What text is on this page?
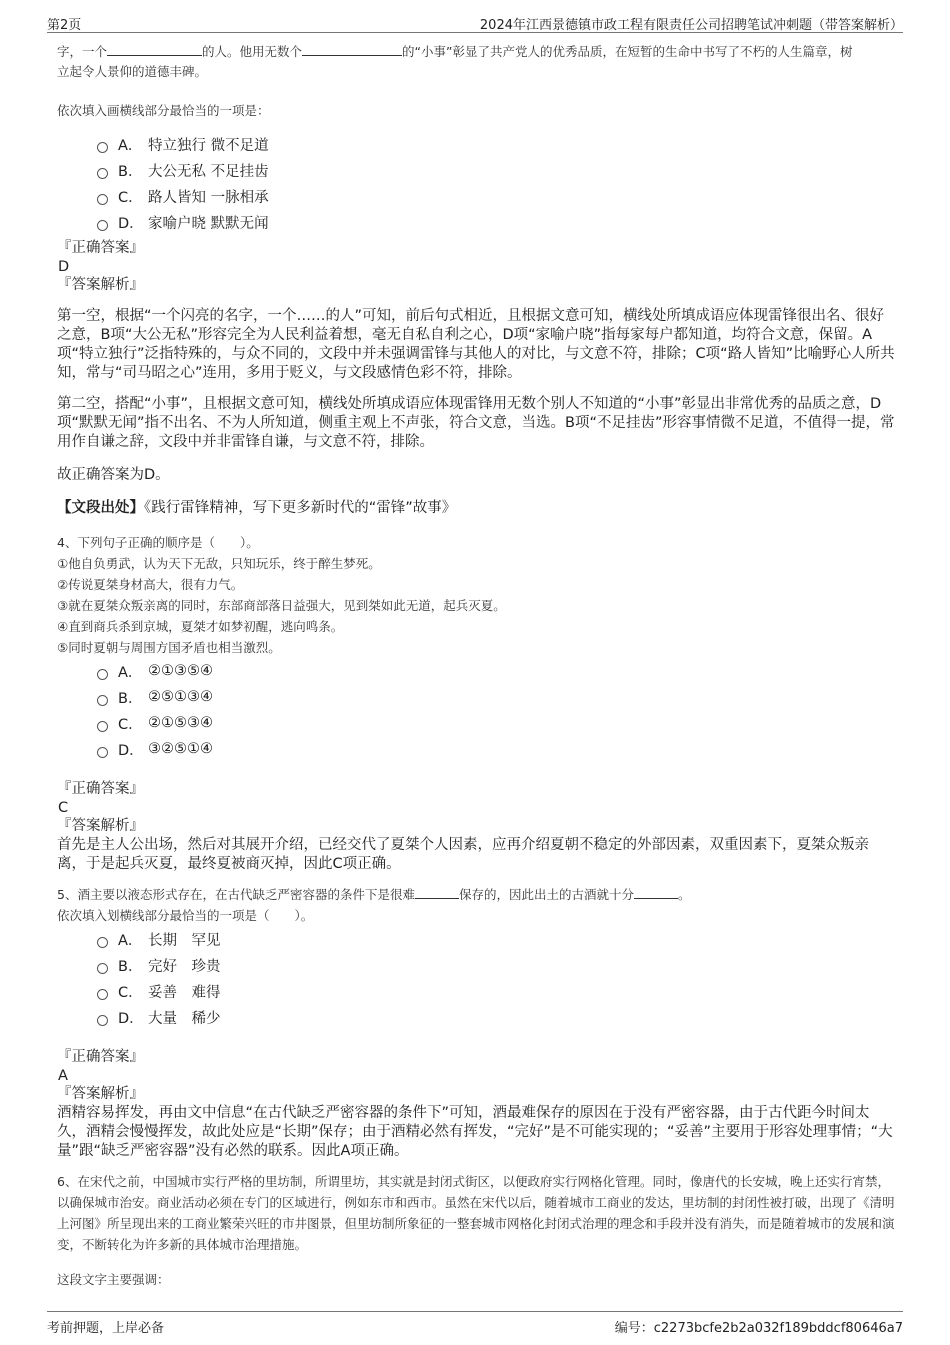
第2页	2024年江西景德镇市政工程有限责任公司招聘笔试冲刺题（带答案解析）
字，一个	的人。他用无数个	的“小事”彰显了共产党人的优秀品质，在短暂的生命中书写了不朽的人生篇章，树
立起令人景仰的道德丰碑。
依次填入画横线部分最恰当的一项是：
A． 特立独行 微不足道
B． 大公无私 不足挂齿
C． 路人皆知 一脉相承
D． 家喻户晓 默默无闻
『正确答案』
D
『答案解析』

第一空，根据“一个闪亮的名字，一个……的人”可知，前后句式相近，且根据文意可知，横线处所填成语应体现雷锋很出名、很好之意，B项“大公无私”形容完全为人民利益着想，毫无自私自利之心，D项“家喻户晓”指每家每户都知道，均符合文意，保留。A项“特立独行”泛指特殊的，与众不同的，文段中并未强调雷锋与其他人的对比，与文意不符，排除；C项“路人皆知”比喻野心人所共知，常与“司马昭之心”连用，多用于贬义，与文段感情色彩不符，排除。

第二空，搭配“小事”，且根据文意可知，横线处所填成语应体现雷锋用无数个别人不知道的“小事”彰显出非常优秀的品质之意，D项“默默无闻”指不出名、不为人所知道，侧重主观上不声张，符合文意，当选。B项“不足挂齿”形容事情微不足道，不值得一提，常用作自谦之辞，文段中并非雷锋自谦，与文意不符，排除。

故正确答案为D。

【文段出处】《践行雷锋精神，写下更多新时代的“雷锋”故事》

4、下列句子正确的顺序是（　　）。
①他自负勇武，认为天下无敌，只知玩乐，终于醉生梦死。
②传说夏桀身材高大，很有力气。
③就在夏桀众叛亲离的同时，东部商部落日益强大，见到桀如此无道，起兵灭夏。
④直到商兵杀到京城，夏桀才如梦初醒，逃向鸣条。
⑤同时夏朝与周围方国矛盾也相当激烈。
A． ②①③⑤④
B． ②⑤①③④
C． ②①⑤③④
D． ③②⑤①④
『正确答案』
C
『答案解析』

首先是主人公出场，然后对其展开介绍，已经交代了夏桀个人因素，应再介绍夏朝不稳定的外部因素，双重因素下，夏桀众叛亲离，于是起兵灭夏，最终夏被商灭掉，因此C项正确。

5、酒主要以液态形式存在，在古代缺乏严密容器的条件下是很难	保存的，因此出土的古酒就十分	。
依次填入划横线部分最恰当的一项是（　　）。
A． 长期　罕见
B． 完好　珍贵
C． 妥善　难得
D． 大量　稀少
『正确答案』
A
『答案解析』

酒精容易挥发，再由文中信息“在古代缺乏严密容器的条件下”可知，酒最难保存的原因在于没有严密容器，由于古代距今时间太久，酒精会慢慢挥发，故此处应是“长期”保存；由于酒精必然有挥发，“完好”是不可能实现的；“妥善”主要用于形容处理事情；“大量”跟“缺乏严密容器”没有必然的联系。因此A项正确。

6、在宋代之前，中国城市实行严格的里坊制，所谓里坊，其实就是封闭式街区，以便政府实行网格化管理。同时，像唐代的长安城，晚上还实行宵禁，以确保城市治安。商业活动必须在专门的区域进行，例如东市和西市。虽然在宋代以后，随着城市工商业的发达，里坊制的封闭性被打破，出现了《清明上河图》所呈现出来的工商业繁荣兴旺的市井图景，但里坊制所象征的一整套城市网格化封闭式治理的理念和手段并没有消失，而是随着城市的发展和演变，不断转化为许多新的具体城市治理措施。

这段文字主要强调：

考前押题，上岸必备	编号：c2273bcfe2b2a032f189bddcf80646a7
